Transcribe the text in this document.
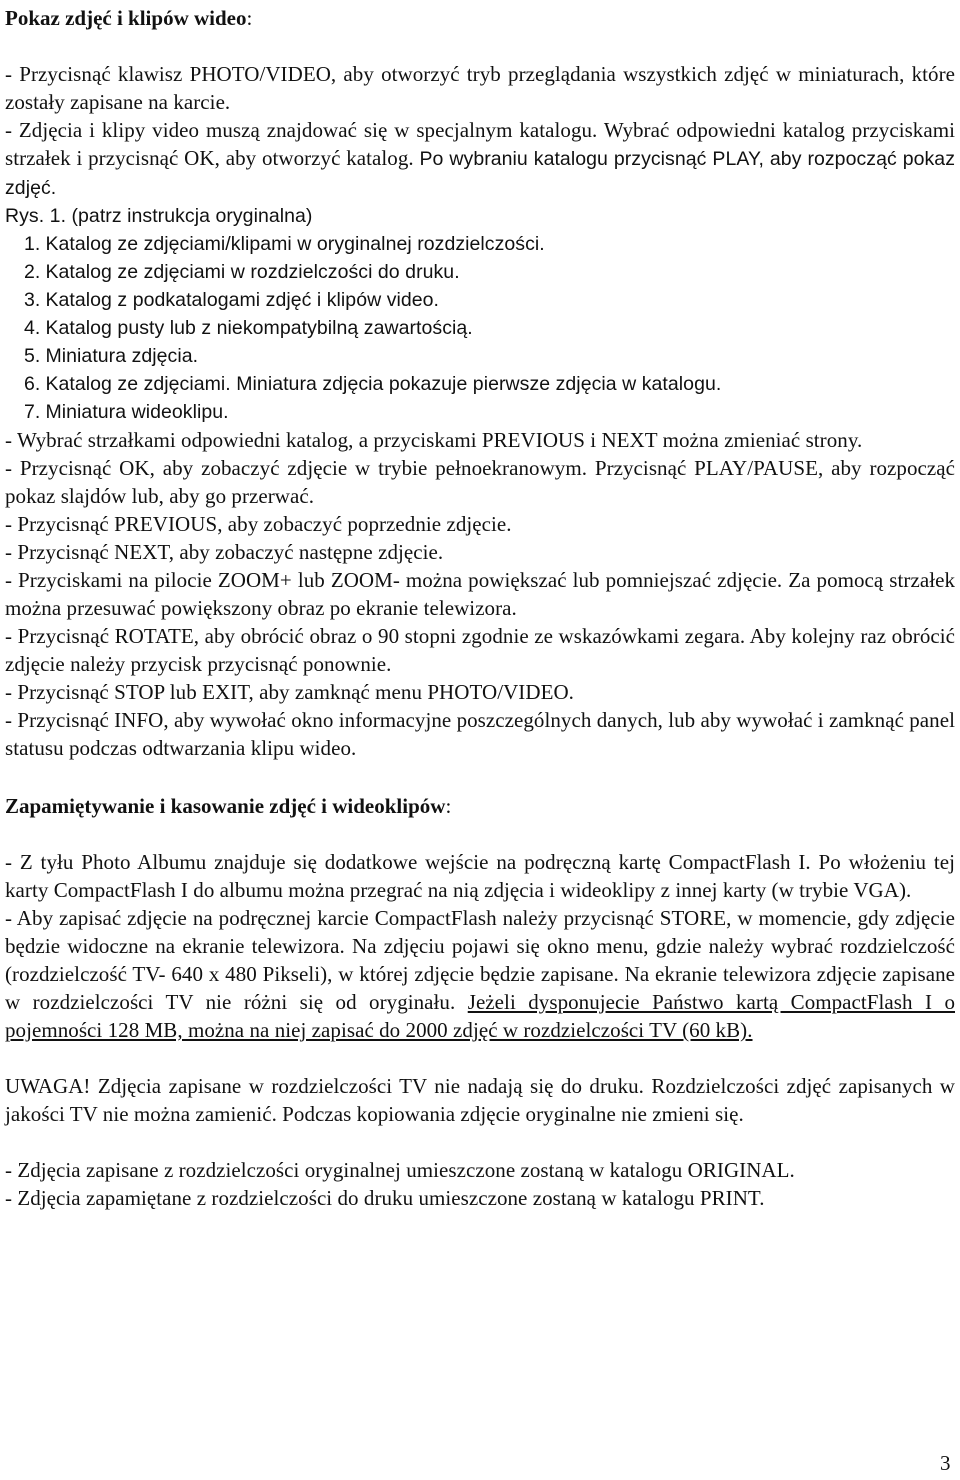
Pokaz zdjęć i klipów wideo:

- Przycisnąć klawisz PHOTO/VIDEO, aby otworzyć tryb przeglądania wszystkich zdjęć w miniaturach, które zostały zapisane na karcie.
- Zdjęcia i klipy video muszą znajdować się w specjalnym katalogu. Wybrać odpowiedni katalog przyciskami strzałek i przycisnąć OK, aby otworzyć katalog. Po wybraniu katalogu przycisnąć PLAY, aby rozpocząć pokaz zdjęć.

Rys. 1. (patrz instrukcja oryginalna)

1. Katalog ze zdjęciami/klipami w oryginalnej rozdzielczości.
2. Katalog ze zdjęciami w rozdzielczości do druku.
3. Katalog z podkatalogami zdjęć i klipów video.
4. Katalog pusty lub z niekompatybilną zawartością.
5. Miniatura zdjęcia.
6. Katalog ze zdjęciami. Miniatura zdjęcia pokazuje pierwsze zdjęcia w katalogu.
7. Miniatura wideoklipu.

- Wybrać strzałkami odpowiedni katalog, a przyciskami PREVIOUS i NEXT można zmieniać strony.

- Przycisnąć OK, aby zobaczyć zdjęcie w trybie pełnoekranowym. Przycisnąć PLAY/PAUSE, aby rozpocząć pokaz slajdów lub, aby go przerwać.

- Przycisnąć PREVIOUS, aby zobaczyć poprzednie zdjęcie.

- Przycisnąć NEXT, aby zobaczyć następne zdjęcie.

- Przyciskami na pilocie ZOOM+ lub ZOOM- można powiększać lub pomniejszać zdjęcie. Za pomocą strzałek można przesuwać powiększony obraz po ekranie telewizora.

- Przycisnąć ROTATE, aby obrócić obraz o 90 stopni zgodnie ze wskazówkami zegara. Aby kolejny raz obrócić zdjęcie należy przycisk przycisnąć ponownie.

- Przycisnąć STOP lub EXIT, aby zamknąć menu PHOTO/VIDEO.

- Przycisnąć INFO, aby wywołać okno informacyjne poszczególnych danych, lub aby wywołać i zamknąć panel statusu podczas odtwarzania klipu wideo.

Zapamiętywanie i kasowanie zdjęć i wideoklipów:

- Z tyłu Photo Albumu znajduje się dodatkowe wejście na podręczną kartę CompactFlash I. Po włożeniu tej karty CompactFlash I do albumu można przegrać na nią zdjęcia i wideoklipy z innej karty (w trybie VGA).

- Aby zapisać zdjęcie na podręcznej karcie CompactFlash należy przycisnąć STORE, w momencie, gdy zdjęcie będzie widoczne na ekranie telewizora. Na zdjęciu pojawi się okno menu, gdzie należy wybrać rozdzielczość (rozdzielczość TV- 640 x 480 Pikseli), w której zdjęcie będzie zapisane. Na ekranie telewizora zdjęcie zapisane w rozdzielczości TV nie różni się od oryginału. Jeżeli dysponujecie Państwo kartą CompactFlash I o pojemności 128 MB, można na niej zapisać do 2000 zdjęć w rozdzielczości TV (60 kB).

UWAGA! Zdjęcia zapisane w rozdzielczości TV nie nadają się do druku. Rozdzielczości zdjęć zapisanych w jakości TV nie można zamienić. Podczas kopiowania zdjęcie oryginalne nie zmieni się.

- Zdjęcia zapisane z rozdzielczości oryginalnej umieszczone zostaną w katalogu ORIGINAL.

- Zdjęcia zapamiętane z rozdzielczości do druku umieszczone zostaną w katalogu PRINT.

3
